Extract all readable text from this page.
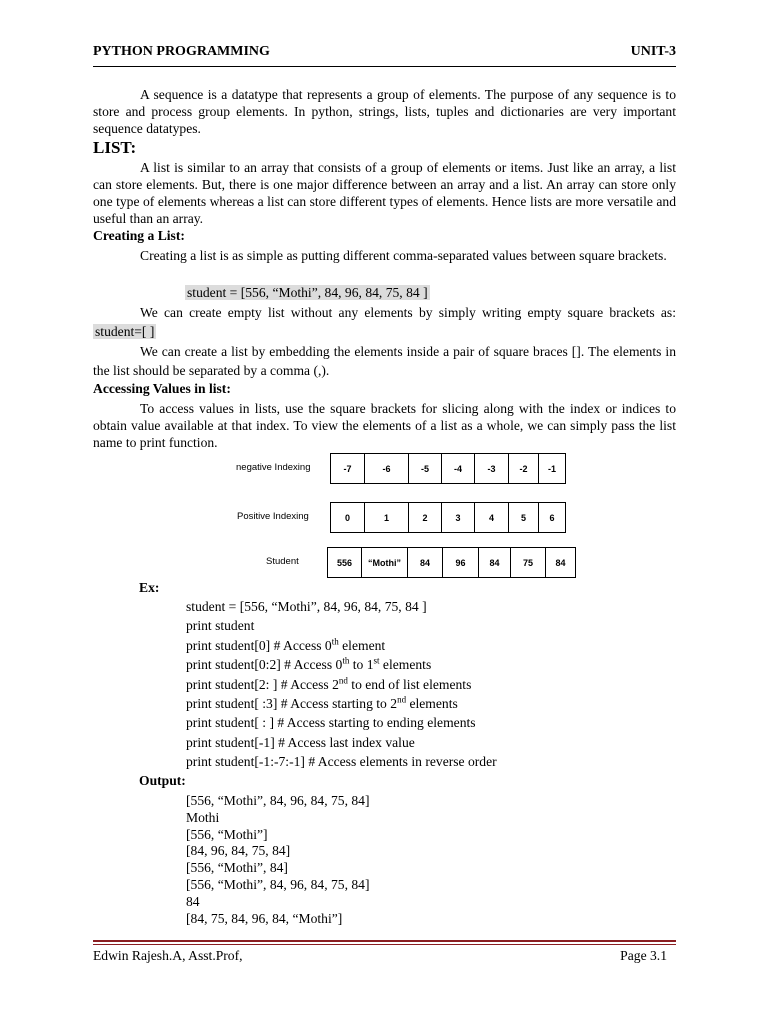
PYTHON PROGRAMMING	UNIT-3
A sequence is a datatype that represents a group of elements. The purpose of any sequence is to store and process group elements. In python, strings, lists, tuples and dictionaries are very important sequence datatypes.
LIST:
A list is similar to an array that consists of a group of elements or items. Just like an array, a list can store elements. But, there is one major difference between an array and a list. An array can store only one type of elements whereas a list can store different types of elements. Hence lists are more versatile and useful than an array.
Creating a List:
Creating a list is as simple as putting different comma-separated values between square brackets.
student = [556, “Mothi”, 84, 96, 84, 75, 84 ]
We can create empty list without any elements by simply writing empty square brackets as: student=[ ]
We can create a list by embedding the elements inside a pair of square braces []. The elements in the list should be separated by a comma (,).
Accessing Values in list:
To access values in lists, use the square brackets for slicing along with the index or indices to obtain value available at that index. To view the elements of a list as a whole, we can simply pass the list name to print function.
negative Indexing	-7	-6	-5	-4	-3	-2	-1
Positive Indexing	0	1	2	3	4	5	6
Student	556	“Mothi”	84	96	84	75	84
Ex:
student = [556, “Mothi”, 84, 96, 84, 75, 84 ]
print student
print student[0] # Access 0th element
print student[0:2] # Access 0th to 1st elements
print student[2: ] # Access 2nd to end of list elements
print student[ :3] # Access starting to 2nd elements
print student[ : ] # Access starting to ending elements
print student[-1] # Access last index value
print student[-1:-7:-1] # Access elements in reverse order
Output:
[556, “Mothi”, 84, 96, 84, 75, 84]
Mothi
[556, “Mothi”]
[84, 96, 84, 75, 84]
[556, “Mothi”, 84]
[556, “Mothi”, 84, 96, 84, 75, 84]
84
[84, 75, 84, 96, 84, “Mothi”]
Edwin Rajesh.A, Asst.Prof,	Page 3.1
